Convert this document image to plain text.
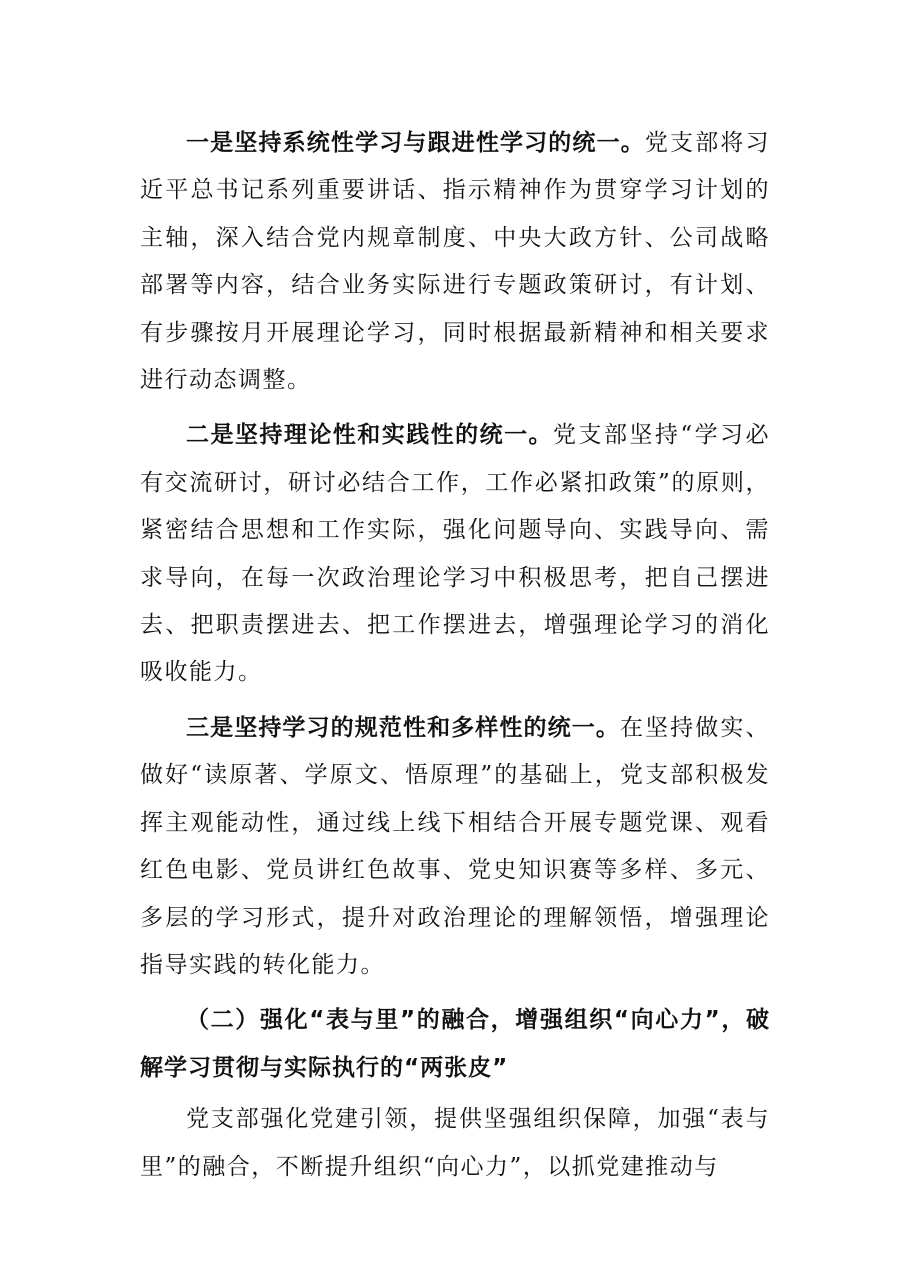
一是坚持系统性学习与跟进性学习的统一。党支部将习近平总书记系列重要讲话、指示精神作为贯穿学习计划的主轴，深入结合党内规章制度、中央大政方针、公司战略部署等内容，结合业务实际进行专题政策研讨，有计划、有步骤按月开展理论学习，同时根据最新精神和相关要求进行动态调整。

二是坚持理论性和实践性的统一。党支部坚持“学习必有交流研讨，研讨必结合工作，工作必紧扣政策”的原则，紧密结合思想和工作实际，强化问题导向、实践导向、需求导向，在每一次政治理论学习中积极思考，把自己摆进去、把职责摆进去、把工作摆进去，增强理论学习的消化吸收能力。

三是坚持学习的规范性和多样性的统一。在坚持做实、做好“读原著、学原文、悟原理”的基础上，党支部积极发挥主观能动性，通过线上线下相结合开展专题党课、观看红色电影、党员讲红色故事、党史知识赛等多样、多元、多层的学习形式，提升对政治理论的理解领悟，增强理论指导实践的转化能力。

（二）强化“表与里”的融合，增强组织“向心力”，破解学习贯彻与实际执行的“两张皮”

党支部强化党建引领，提供坚强组织保障，加强“表与里”的融合，不断提升组织“向心力”，以抓党建推动与
